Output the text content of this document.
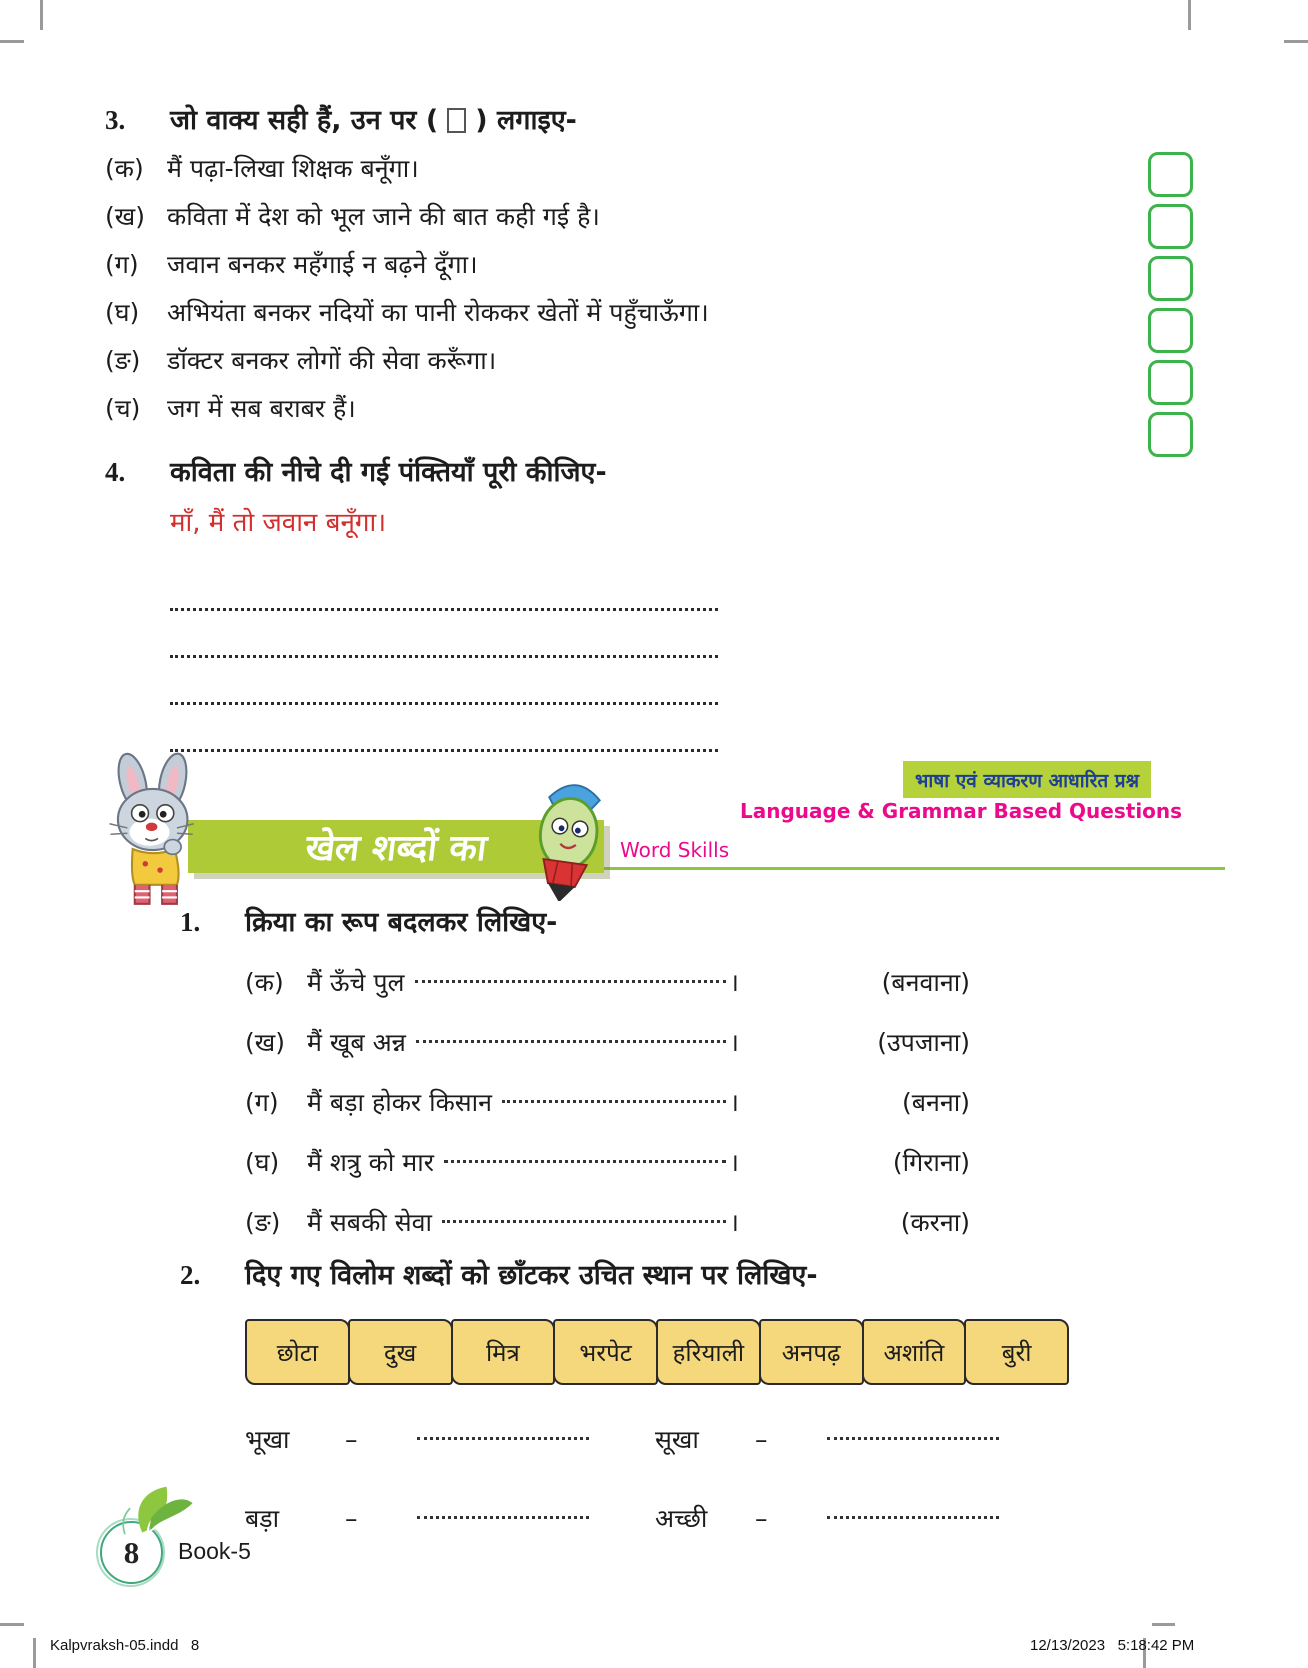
3.	जो वाक्य सही हैं, उन पर ( ) लगाइए-
(क) मैं पढ़ा-लिखा शिक्षक बनूँगा।
(ख) कविता में देश को भूल जाने की बात कही गई है।
(ग)	जवान बनकर महँगाई न बढ़ने दूँगा।
(घ)	अभियंता बनकर नदियों का पानी रोककर खेतों में पहुँचाऊँगा।
(ङ)	डॉक्टर बनकर लोगों की सेवा करूँगा।
(च)	जग में सब बराबर हैं।
4.	कविता की नीचे दी गई पंक्तियाँ पूरी कीजिए-
माँ, मैं तो जवान बनूँगा।
खेल शब्दों का	Word Skills
भाषा एवं व्याकरण आधारित प्रश्न
Language & Grammar Based Questions
1.	क्रिया का रूप बदलकर लिखिए-
(क) मैं ऊँचे पुल	।	(बनवाना)
(ख) मैं खूब अन्न	।	(उपजाना)
(ग)	मैं बड़ा होकर किसान	।	(बनना)
(घ)	मैं शत्रु को मार	।	(गिराना)
(ङ)	मैं सबकी सेवा	।	(करना)
2.	दिए गए विलोम शब्दों को छाँटकर उचित स्थान पर लिखिए-
छोटा	दुख	मित्र	भरपेट	हरियाली	अनपढ़	अशांति	बुरी
भूखा	–	सूखा	–
बड़ा	–	अच्छी	–
8	Book-5
Kalpvraksh-05.indd   8	12/13/2023   5:18:42 PM
